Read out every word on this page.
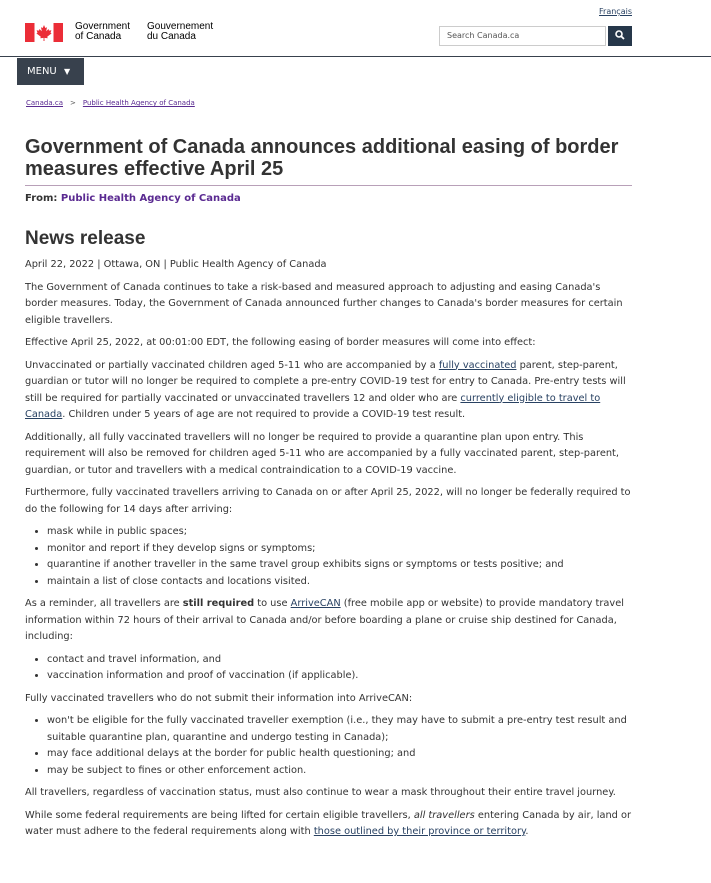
Français
Government
of Canada
Gouvernement
du Canada	Search Canada.ca
MENU ▼
Canada.ca > Public Health Agency of Canada
Government of Canada announces additional easing of border measures effective April 25
From: Public Health Agency of Canada
News release

April 22, 2022 | Ottawa, ON | Public Health Agency of Canada

The Government of Canada continues to take a risk-based and measured approach to adjusting and easing Canada's border measures. Today, the Government of Canada announced further changes to Canada's border measures for certain eligible travellers.

Effective April 25, 2022, at 00:01:00 EDT, the following easing of border measures will come into effect:

Unvaccinated or partially vaccinated children aged 5-11 who are accompanied by a fully vaccinated parent, step-parent, guardian or tutor will no longer be required to complete a pre-entry COVID-19 test for entry to Canada. Pre-entry tests will still be required for partially vaccinated or unvaccinated travellers 12 and older who are currently eligible to travel to Canada. Children under 5 years of age are not required to provide a COVID-19 test result.

Additionally, all fully vaccinated travellers will no longer be required to provide a quarantine plan upon entry. This requirement will also be removed for children aged 5-11 who are accompanied by a fully vaccinated parent, step-parent, guardian, or tutor and travellers with a medical contraindication to a COVID-19 vaccine.

Furthermore, fully vaccinated travellers arriving to Canada on or after April 25, 2022, will no longer be federally required to do the following for 14 days after arriving:

• mask while in public spaces;
• monitor and report if they develop signs or symptoms;
• quarantine if another traveller in the same travel group exhibits signs or symptoms or tests positive; and
• maintain a list of close contacts and locations visited.

As a reminder, all travellers are still required to use ArriveCAN (free mobile app or website) to provide mandatory travel information within 72 hours of their arrival to Canada and/or before boarding a plane or cruise ship destined for Canada, including:

• contact and travel information, and
• vaccination information and proof of vaccination (if applicable).

Fully vaccinated travellers who do not submit their information into ArriveCAN:

• won't be eligible for the fully vaccinated traveller exemption (i.e., they may have to submit a pre-entry test result and suitable quarantine plan, quarantine and undergo testing in Canada);
• may face additional delays at the border for public health questioning; and
• may be subject to fines or other enforcement action.

All travellers, regardless of vaccination status, must also continue to wear a mask throughout their entire travel journey.

While some federal requirements are being lifted for certain eligible travellers, all travellers entering Canada by air, land or water must adhere to the federal requirements along with those outlined by their province or territory.
